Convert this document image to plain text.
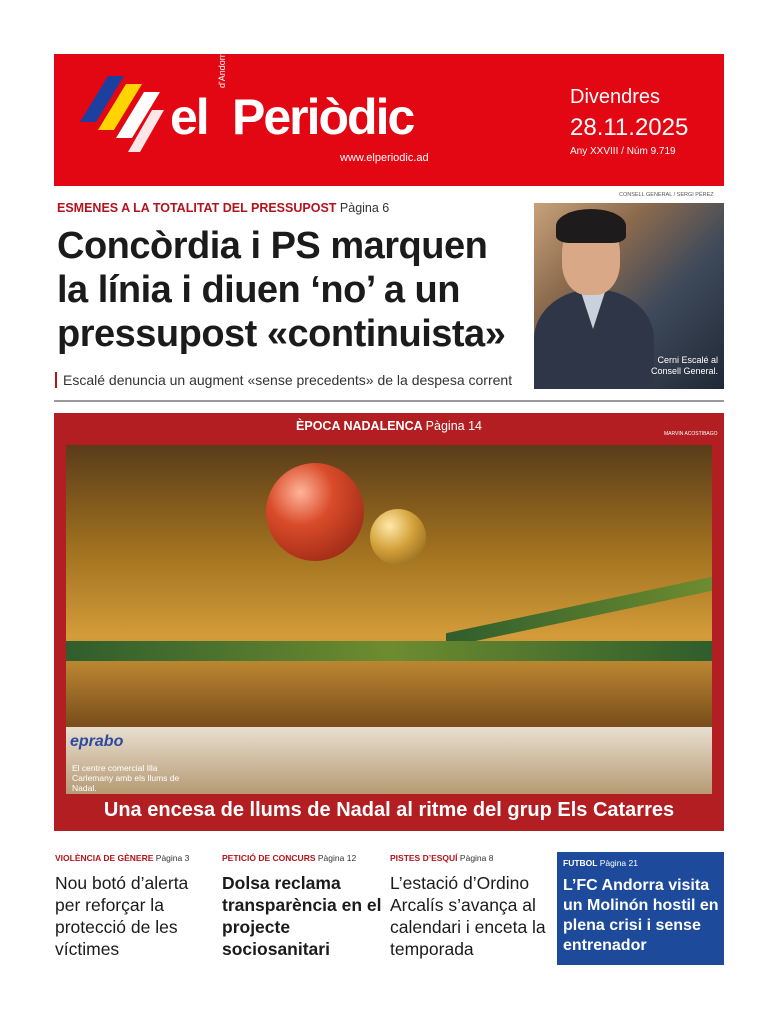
el
d'Andorra
Periòdic
www.elperiodic.ad
Divendres
28.11.2025
Any XXVIII / Núm 9.719
ESMENES A LA TOTALITAT DEL PRESSUPOST Pàgina 6
Concòrdia i PS marquen la línia i diuen ‘no’ a un pressupost «continuista»
Escalé denuncia un augment «sense precedents» de la despesa corrent
CONSELL GENERAL / SERGI PÉREZ
Cerni Escalé al Consell General.
ÈPOCA NADALENCA Pàgina 14
MARVIN ACOSTIBAGO
eprabo
El centre comercial Illa Carlemany amb els llums de Nadal.
Una encesa de llums de Nadal al ritme del grup Els Catarres
VIOLÈNCIA DE GÈNERE Pàgina 3
Nou botó d’alerta per reforçar la protecció de les víctimes
PETICIÓ DE CONCURS Pàgina 12
Dolsa reclama transparència en el projecte sociosanitari
PISTES D’ESQUÍ Pàgina 8
L’estació d’Ordino Arcalís s’avança al calendari i enceta la temporada
FUTBOL Pàgina 21
L’FC Andorra visita un Molinón hostil en plena crisi i sense entrenador
